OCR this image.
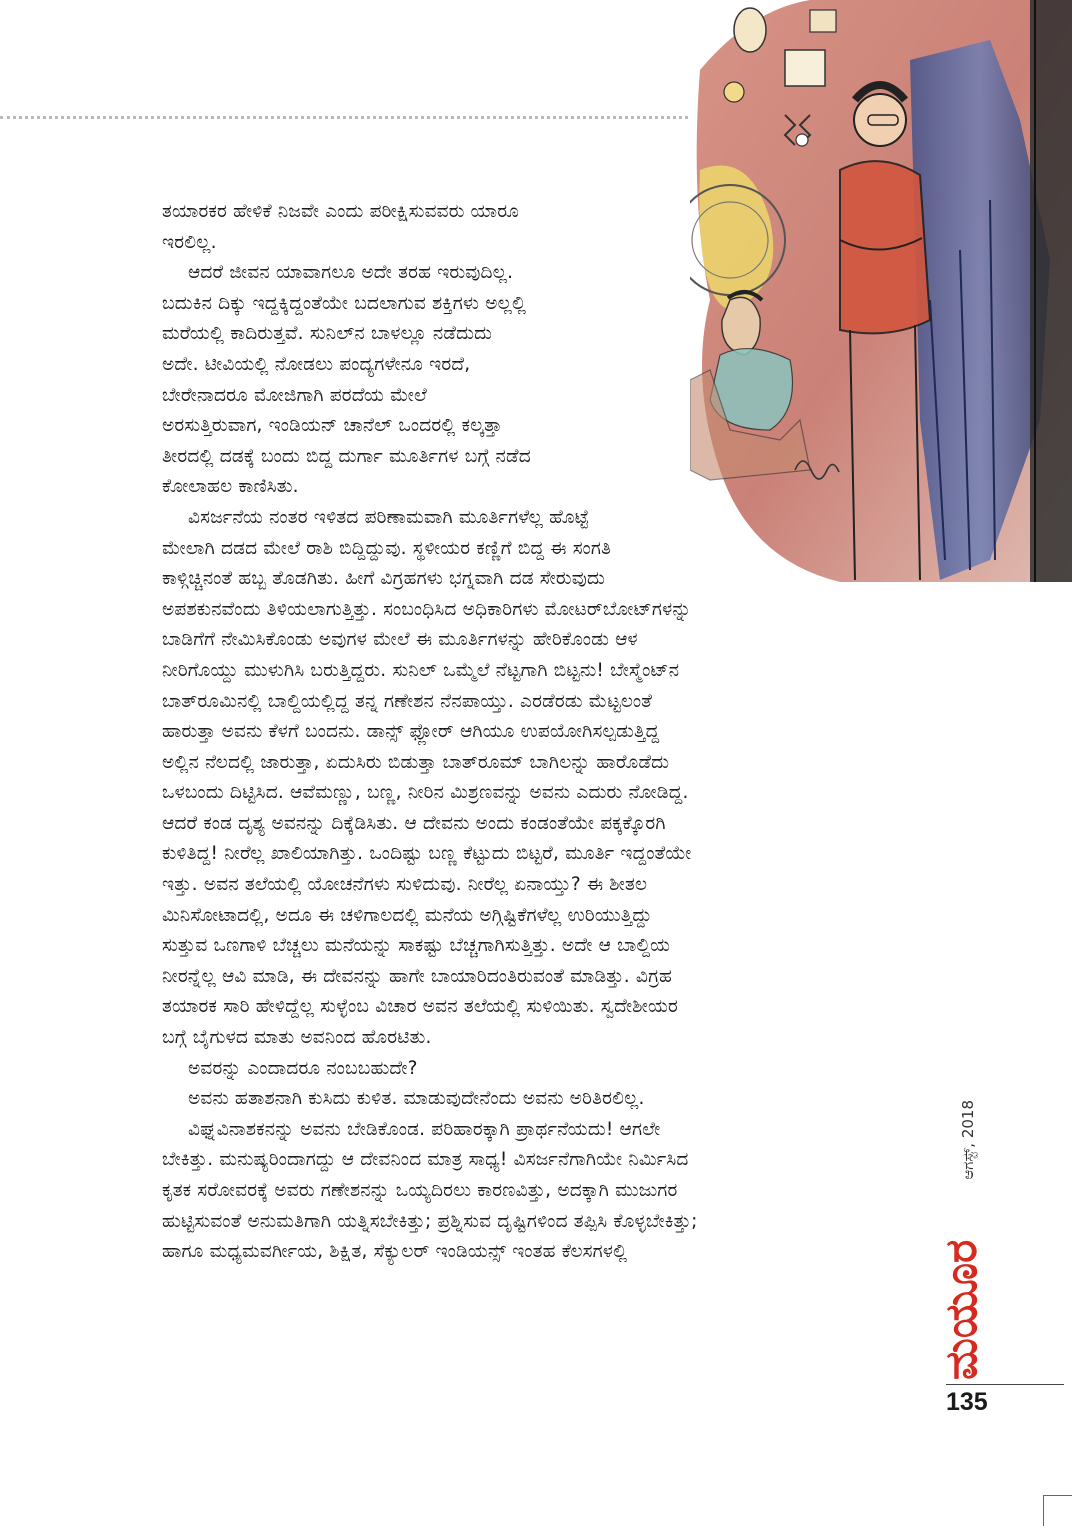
ತಯಾರಕರ ಹೇಳಿಕೆ ನಿಜವೇ ಎಂದು ಪರೀಕ್ಷಿಸುವವರು ಯಾರೂ
ಇರಲಿಲ್ಲ.

ಆದರೆ ಜೀವನ ಯಾವಾಗಲೂ ಅದೇ ತರಹ ಇರುವುದಿಲ್ಲ.
ಬದುಕಿನ ದಿಕ್ಕು ಇದ್ದಕ್ಕಿದ್ದಂತೆಯೇ ಬದಲಾಗುವ ಶಕ್ತಿಗಳು ಅಲ್ಲಲ್ಲಿ
ಮರೆಯಲ್ಲಿ ಕಾದಿರುತ್ತವೆ. ಸುನಿಲ್‌ನ ಬಾಳಲ್ಲೂ ನಡೆದುದು
ಅದೇ. ಟೀವಿಯಲ್ಲಿ ನೋಡಲು ಪಂದ್ಯಗಳೇನೂ ಇರದೆ,
ಬೇರೇನಾದರೂ ಮೋಜಿಗಾಗಿ ಪರದೆಯ ಮೇಲೆ
ಅರಸುತ್ತಿರುವಾಗ, ಇಂಡಿಯನ್ ಚಾನೆಲ್ ಒಂದರಲ್ಲಿ ಕಲ್ಕತ್ತಾ
ತೀರದಲ್ಲಿ ದಡಕ್ಕೆ ಬಂದು ಬಿದ್ದ ದುರ್ಗಾ ಮೂರ್ತಿಗಳ ಬಗ್ಗೆ ನಡೆದ
ಕೋಲಾಹಲ ಕಾಣಿಸಿತು.

ವಿಸರ್ಜನೆಯ ನಂತರ ಇಳಿತದ ಪರಿಣಾಮವಾಗಿ ಮೂರ್ತಿಗಳೆಲ್ಲ ಹೊಟ್ಟೆ
ಮೇಲಾಗಿ ದಡದ ಮೇಲೆ ರಾಶಿ ಬಿದ್ದಿದ್ದುವು. ಸ್ಥಳೀಯರ ಕಣ್ಣಿಗೆ ಬಿದ್ದ ಈ ಸಂಗತಿ
ಕಾಳ್ಗಿಚ್ಚಿನಂತೆ ಹಬ್ಬ ತೊಡಗಿತು. ಹೀಗೆ ವಿಗ್ರಹಗಳು ಭಗ್ನವಾಗಿ ದಡ ಸೇರುವುದು
ಅಪಶಕುನವೆಂದು ತಿಳಿಯಲಾಗುತ್ತಿತ್ತು. ಸಂಬಂಧಿಸಿದ ಅಧಿಕಾರಿಗಳು ಮೋಟರ್‌ಬೋಟ್‌ಗಳನ್ನು
ಬಾಡಿಗೆಗೆ ನೇಮಿಸಿಕೊಂಡು ಅವುಗಳ ಮೇಲೆ ಈ ಮೂರ್ತಿಗಳನ್ನು ಹೇರಿಕೊಂಡು ಆಳ
ನೀರಿಗೊಯ್ದು ಮುಳುಗಿಸಿ ಬರುತ್ತಿದ್ದರು. ಸುನಿಲ್ ಒಮ್ಮೆಲೆ ನೆಟ್ಟಗಾಗಿ ಬಿಟ್ಟನು! ಬೇಸ್ಮೆಂಟ್‌ನ
ಬಾತ್‌ರೂಮಿನಲ್ಲಿ ಬಾಲ್ದಿಯಲ್ಲಿದ್ದ ತನ್ನ ಗಣೇಶನ ನೆನಪಾಯ್ತು. ಎರಡೆರಡು ಮೆಟ್ಟಲಂತೆ
ಹಾರುತ್ತಾ ಅವನು ಕೆಳಗೆ ಬಂದನು. ಡಾನ್ಸ್ ಫ್ಲೋರ್ ಆಗಿಯೂ ಉಪಯೋಗಿಸಲ್ಪಡುತ್ತಿದ್ದ
ಅಲ್ಲಿನ ನೆಲದಲ್ಲಿ ಜಾರುತ್ತಾ, ಏದುಸಿರು ಬಿಡುತ್ತಾ ಬಾತ್‌ರೂಮ್ ಬಾಗಿಲನ್ನು ಹಾರೊಡೆದು
ಒಳಬಂದು ದಿಟ್ಟಿಸಿದ. ಆವೆಮಣ್ಣು, ಬಣ್ಣ, ನೀರಿನ ಮಿಶ್ರಣವನ್ನು ಅವನು ಎದುರು ನೋಡಿದ್ದ.
ಆದರೆ ಕಂಡ ದೃಶ್ಯ ಅವನನ್ನು ದಿಕ್ಕೆಡಿಸಿತು. ಆ ದೇವನು ಅಂದು ಕಂಡಂತೆಯೇ ಪಕ್ಕಕ್ಕೊರಗಿ
ಕುಳಿತಿದ್ದ! ನೀರೆಲ್ಲ ಖಾಲಿಯಾಗಿತ್ತು. ಒಂದಿಷ್ಟು ಬಣ್ಣ ಕೆಟ್ಟುದು ಬಿಟ್ಟರೆ, ಮೂರ್ತಿ ಇದ್ದಂತೆಯೇ
ಇತ್ತು. ಅವನ ತಲೆಯಲ್ಲಿ ಯೋಚನೆಗಳು ಸುಳಿದುವು. ನೀರೆಲ್ಲ ಏನಾಯ್ತು? ಈ ಶೀತಲ
ಮಿನಿಸೋಟಾದಲ್ಲಿ, ಅದೂ ಈ ಚಳಿಗಾಲದಲ್ಲಿ ಮನೆಯ ಅಗ್ಗಿಷ್ಟಿಕೆಗಳೆಲ್ಲ ಉರಿಯುತ್ತಿದ್ದು
ಸುತ್ತುವ ಒಣಗಾಳಿ ಬೆಚ್ಚಲು ಮನೆಯನ್ನು ಸಾಕಷ್ಟು ಬೆಚ್ಚಗಾಗಿಸುತ್ತಿತ್ತು. ಅದೇ ಆ ಬಾಲ್ದಿಯ
ನೀರನ್ನೆಲ್ಲ ಆವಿ ಮಾಡಿ, ಈ ದೇವನನ್ನು ಹಾಗೇ ಬಾಯಾರಿದಂತಿರುವಂತೆ ಮಾಡಿತ್ತು. ವಿಗ್ರಹ
ತಯಾರಕ ಸಾರಿ ಹೇಳಿದ್ದೆಲ್ಲ ಸುಳ್ಳೆಂಬ ವಿಚಾರ ಅವನ ತಲೆಯಲ್ಲಿ ಸುಳಿಯಿತು. ಸ್ವದೇಶೀಯರ
ಬಗ್ಗೆ ಬೈಗುಳದ ಮಾತು ಅವನಿಂದ ಹೊರಟಿತು.

ಅವರನ್ನು ಎಂದಾದರೂ ನಂಬಬಹುದೇ?

ಅವನು ಹತಾಶನಾಗಿ ಕುಸಿದು ಕುಳಿತ. ಮಾಡುವುದೇನೆಂದು ಅವನು ಅರಿತಿರಲಿಲ್ಲ.

ವಿಘ್ನವಿನಾಶಕನನ್ನು ಅವನು ಬೇಡಿಕೊಂಡ. ಪರಿಹಾರಕ್ಕಾಗಿ ಪ್ರಾರ್ಥನೆಯದು! ಆಗಲೇ
ಬೇಕಿತ್ತು. ಮನುಷ್ಯರಿಂದಾಗದ್ದು ಆ ದೇವನಿಂದ ಮಾತ್ರ ಸಾಧ್ಯ! ವಿಸರ್ಜನೆಗಾಗಿಯೇ ನಿರ್ಮಿಸಿದ
ಕೃತಕ ಸರೋವರಕ್ಕೆ ಅವರು ಗಣೇಶನನ್ನು ಒಯ್ಯದಿರಲು ಕಾರಣವಿತ್ತು, ಅದಕ್ಕಾಗಿ ಮುಜುಗರ
ಹುಟ್ಟಿಸುವಂತೆ ಅನುಮತಿಗಾಗಿ ಯತ್ನಿಸಬೇಕಿತ್ತು; ಪ್ರಶ್ನಿಸುವ ದೃಷ್ಟಿಗಳಿಂದ ತಪ್ಪಿಸಿ ಕೊಳ್ಳಬೇಕಿತ್ತು;
ಹಾಗೂ ಮಧ್ಯಮವರ್ಗೀಯ, ಶಿಕ್ಷಿತ, ಸೆಕ್ಯುಲರ್ ಇಂಡಿಯನ್ಸ್ ಇಂತಹ ಕೆಲಸಗಳಲ್ಲಿ	ಮಯೂರ
ಆಗಸ್ಟ್, 2018
135
